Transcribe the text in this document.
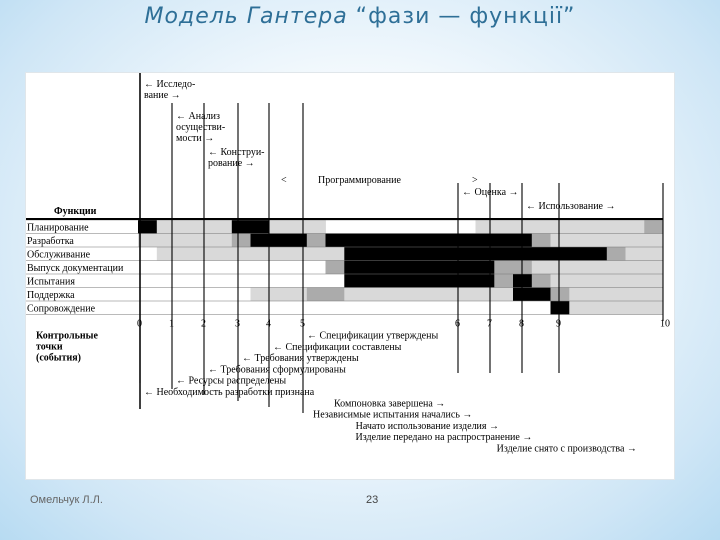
Модель Гантера “фази — функції”
← Исследо-
вание →
← Анализ
осуществи-
мости →
← Конструи-
рование →
<	Программирование	>
← Оценка →
← Использование →
Функции
Планирование
Разработка
Обслуживание
Выпуск документации
Испытания
Поддержка
Сопровождение
0	1	2	3	4	5	6	7	8	9	10
Контрольные
точки
(события)
← Спецификации утверждены
← Спецификации составлены
← Требования утверждены
← Требования сформулированы
← Ресурсы распределены
← Необходимость разработки признана
Компоновка завершена →
Независимые испытания начались →
Начато использование изделия →
Изделие передано на распространение →
Изделие снято с производства →
Омельчук Л.Л.	23
